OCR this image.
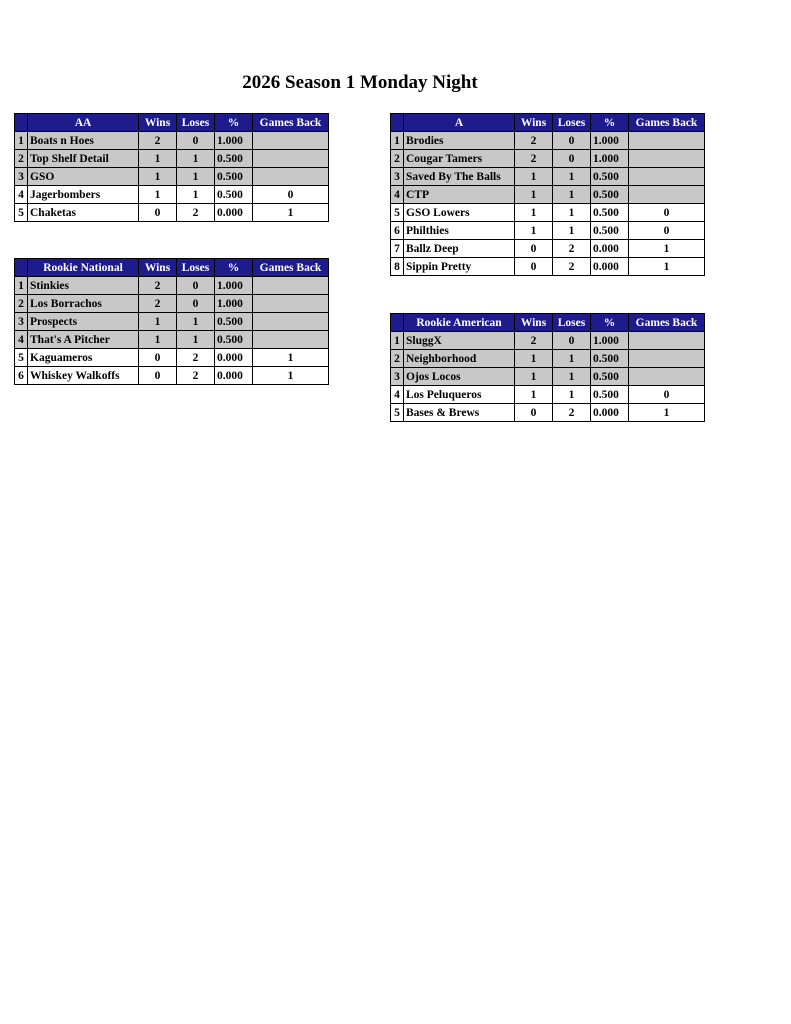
2026 Season 1 Monday Night
	AA	Wins	Loses	%	Games Back
1	Boats n Hoes	2	0	1.000	
2	Top Shelf Detail	1	1	0.500	
3	GSO	1	1	0.500	
4	Jagerbombers	1	1	0.500	0
5	Chaketas	0	2	0.000	1
	A	Wins	Loses	%	Games Back
1	Brodies	2	0	1.000	
2	Cougar Tamers	2	0	1.000	
3	Saved By The Balls	1	1	0.500	
4	CTP	1	1	0.500	
5	GSO Lowers	1	1	0.500	0
6	Philthies	1	1	0.500	0
7	Ballz Deep	0	2	0.000	1
8	Sippin Pretty	0	2	0.000	1
	Rookie National	Wins	Loses	%	Games Back
1	Stinkies	2	0	1.000	
2	Los Borrachos	2	0	1.000	
3	Prospects	1	1	0.500	
4	That's A Pitcher	1	1	0.500	
5	Kaguameros	0	2	0.000	1
6	Whiskey Walkoffs	0	2	0.000	1
	Rookie American	Wins	Loses	%	Games Back
1	SluggX	2	0	1.000	
2	Neighborhood	1	1	0.500	
3	Ojos Locos	1	1	0.500	
4	Los Peluqueros	1	1	0.500	0
5	Bases & Brews	0	2	0.000	1
